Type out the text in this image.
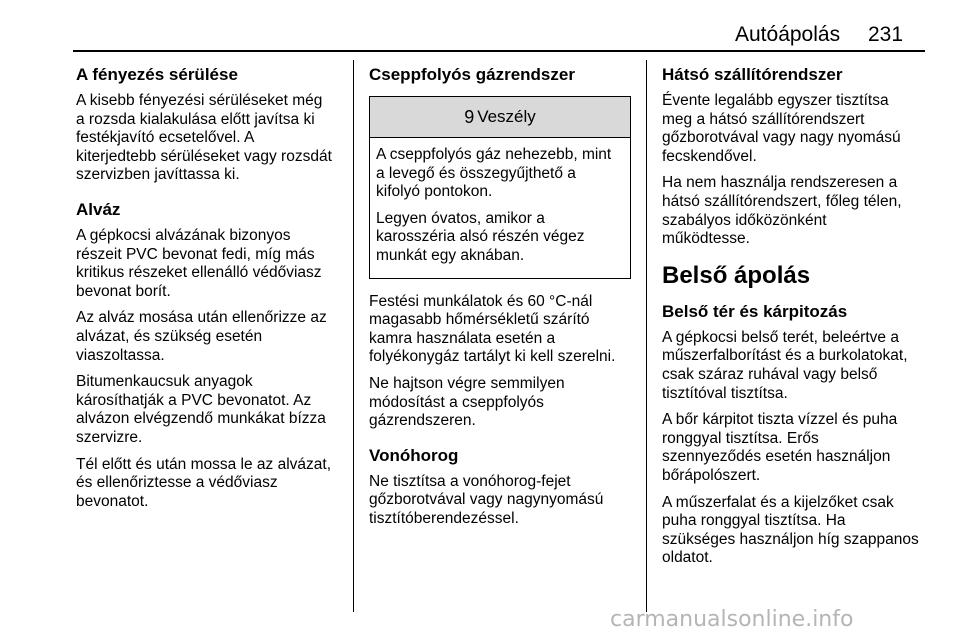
Autóápolás 231
A fényezés sérülése

A kisebb fényezési sérüléseket még
a rozsda kialakulása előtt javítsa ki
festékjavító ecsetelővel. A
kiterjedtebb sérüléseket vagy rozsdát
szervizben javíttassa ki.

Alváz

A gépkocsi alvázának bizonyos
részeit PVC bevonat fedi, míg más
kritikus részeket ellenálló védőviasz
bevonat borít.

Az alváz mosása után ellenőrizze az
alvázat, és szükség esetén
viaszoltassa.

Bitumenkaucsuk anyagok
károsíthatják a PVC bevonatot. Az
alvázon elvégzendő munkákat bízza
szervizre.

Tél előtt és után mossa le az alvázat,
és ellenőriztesse a védőviasz
bevonatot.

Cseppfolyós gázrendszer
9 Veszély

A cseppfolyós gáz nehezebb, mint
a levegő és összegyűjthető a
kifolyó pontokon.

Legyen óvatos, amikor a
karosszéria alsó részén végez
munkát egy aknában.

Festési munkálatok és 60 °C-nál
magasabb hőmérsékletű szárító
kamra használata esetén a
folyékonygáz tartályt ki kell szerelni.

Ne hajtson végre semmilyen
módosítást a cseppfolyós
gázrendszeren.

Vonóhorog

Ne tisztítsa a vonóhorog-fejet
gőzborotvával vagy nagynyomású
tisztítóberendezéssel.

Hátsó szállítórendszer

Évente legalább egyszer tisztítsa
meg a hátsó szállítórendszert
gőzborotvával vagy nagy nyomású
fecskendővel.

Ha nem használja rendszeresen a
hátsó szállítórendszert, főleg télen,
szabályos időközönként
működtesse.

Belső ápolás
Belső tér és kárpitozás

A gépkocsi belső terét, beleértve a
műszerfalborítást és a burkolatokat,
csak száraz ruhával vagy belső
tisztítóval tisztítsa.

A bőr kárpitot tiszta vízzel és puha
ronggyal tisztítsa. Erős
szennyeződés esetén használjon
bőrápolószert.

A műszerfalat és a kijelzőket csak
puha ronggyal tisztítsa. Ha
szükséges használjon híg szappanos
oldatot.

carmanualsonline.info
